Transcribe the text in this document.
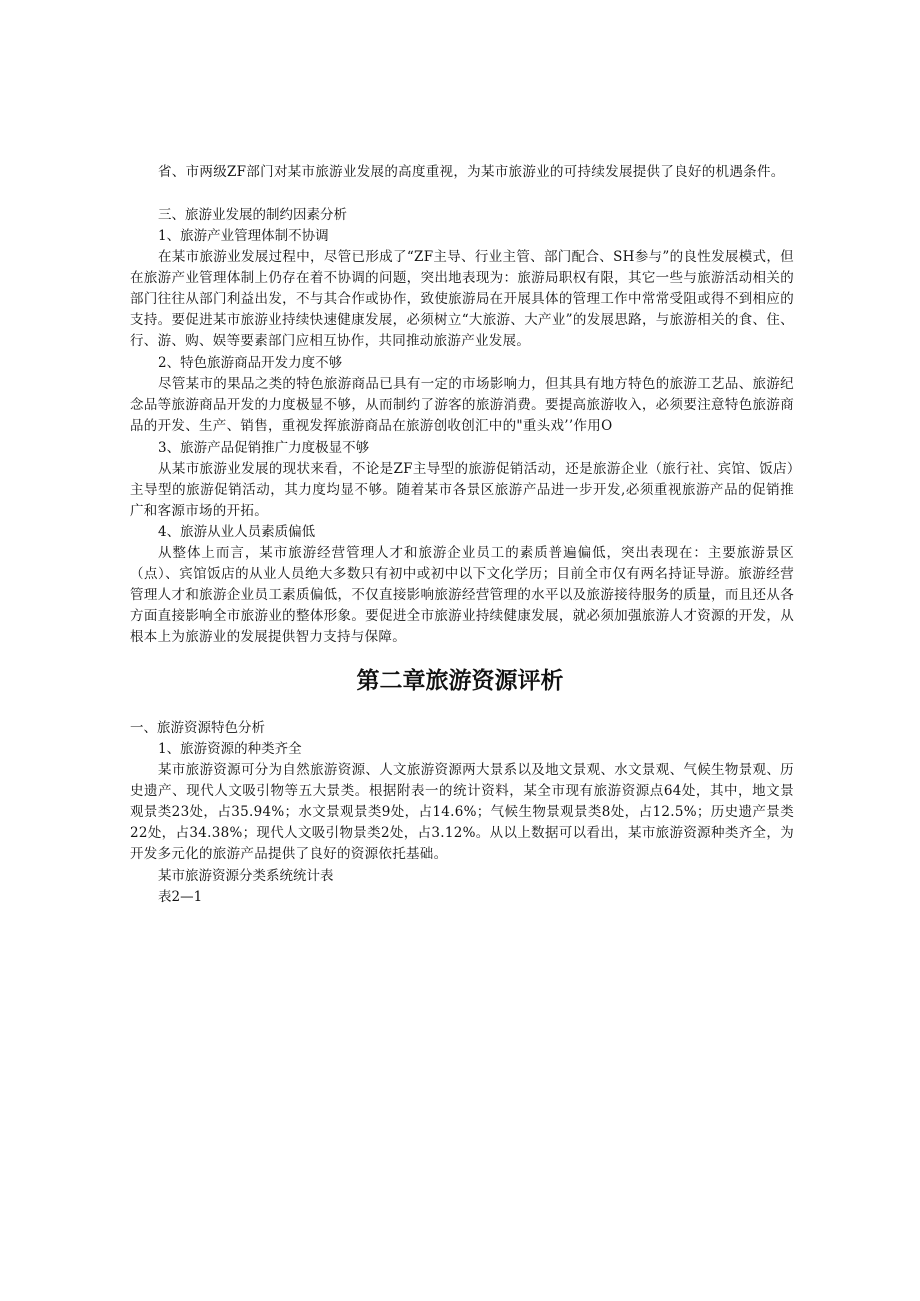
省、市两级ZF部门对某市旅游业发展的高度重视，为某市旅游业的可持续发展提供了良好的机遇条件。

三、旅游业发展的制约因素分析

1、旅游产业管理体制不协调

在某市旅游业发展过程中，尽管已形成了“ZF主导、行业主管、部门配合、SH参与”的良性发展模式，但在旅游产业管理体制上仍存在着不协调的问题，突出地表现为：旅游局职权有限，其它一些与旅游活动相关的部门往往从部门利益出发，不与其合作或协作，致使旅游局在开展具体的管理工作中常常受阻或得不到相应的支持。要促进某市旅游业持续快速健康发展，必须树立“大旅游、大产业”的发展思路，与旅游相关的食、住、行、游、购、娱等要素部门应相互协作，共同推动旅游产业发展。

2、特色旅游商品开发力度不够

尽管某市的果品之类的特色旅游商品已具有一定的市场影响力，但其具有地方特色的旅游工艺品、旅游纪念品等旅游商品开发的力度极显不够，从而制约了游客的旅游消费。要提高旅游收入，必须要注意特色旅游商品的开发、生产、销售，重视发挥旅游商品在旅游创收创汇中的"重头戏’’作用O

3、旅游产品促销推广力度极显不够

从某市旅游业发展的现状来看，不论是ZF主导型的旅游促销活动，还是旅游企业（旅行社、宾馆、饭店）主导型的旅游促销活动，其力度均显不够。随着某市各景区旅游产品进一步开发,必须重视旅游产品的促销推广和客源市场的开拓。

4、旅游从业人员素质偏低

从整体上而言，某市旅游经营管理人才和旅游企业员工的素质普遍偏低，突出表现在：主要旅游景区（点）、宾馆饭店的从业人员绝大多数只有初中或初中以下文化学历；目前全市仅有两名持证导游。旅游经营管理人才和旅游企业员工素质偏低，不仅直接影响旅游经营管理的水平以及旅游接待服务的质量，而且还从各方面直接影响全市旅游业的整体形象。要促进全市旅游业持续健康发展，就必须加强旅游人才资源的开发，从根本上为旅游业的发展提供智力支持与保障。

第二章旅游资源评析

一、旅游资源特色分析

1、旅游资源的种类齐全

某市旅游资源可分为自然旅游资源、人文旅游资源两大景系以及地文景观、水文景观、气候生物景观、历史遗产、现代人文吸引物等五大景类。根据附表一的统计资料，某全市现有旅游资源点64处，其中，地文景观景类23处，占35.94%；水文景观景类9处，占14.6%；气候生物景观景类8处，占12.5%；历史遗产景类22处，占34.38%；现代人文吸引物景类2处，占3.12%。从以上数据可以看出，某市旅游资源种类齐全，为开发多元化的旅游产品提供了良好的资源依托基础。

某市旅游资源分类系统统计表

表2—1
